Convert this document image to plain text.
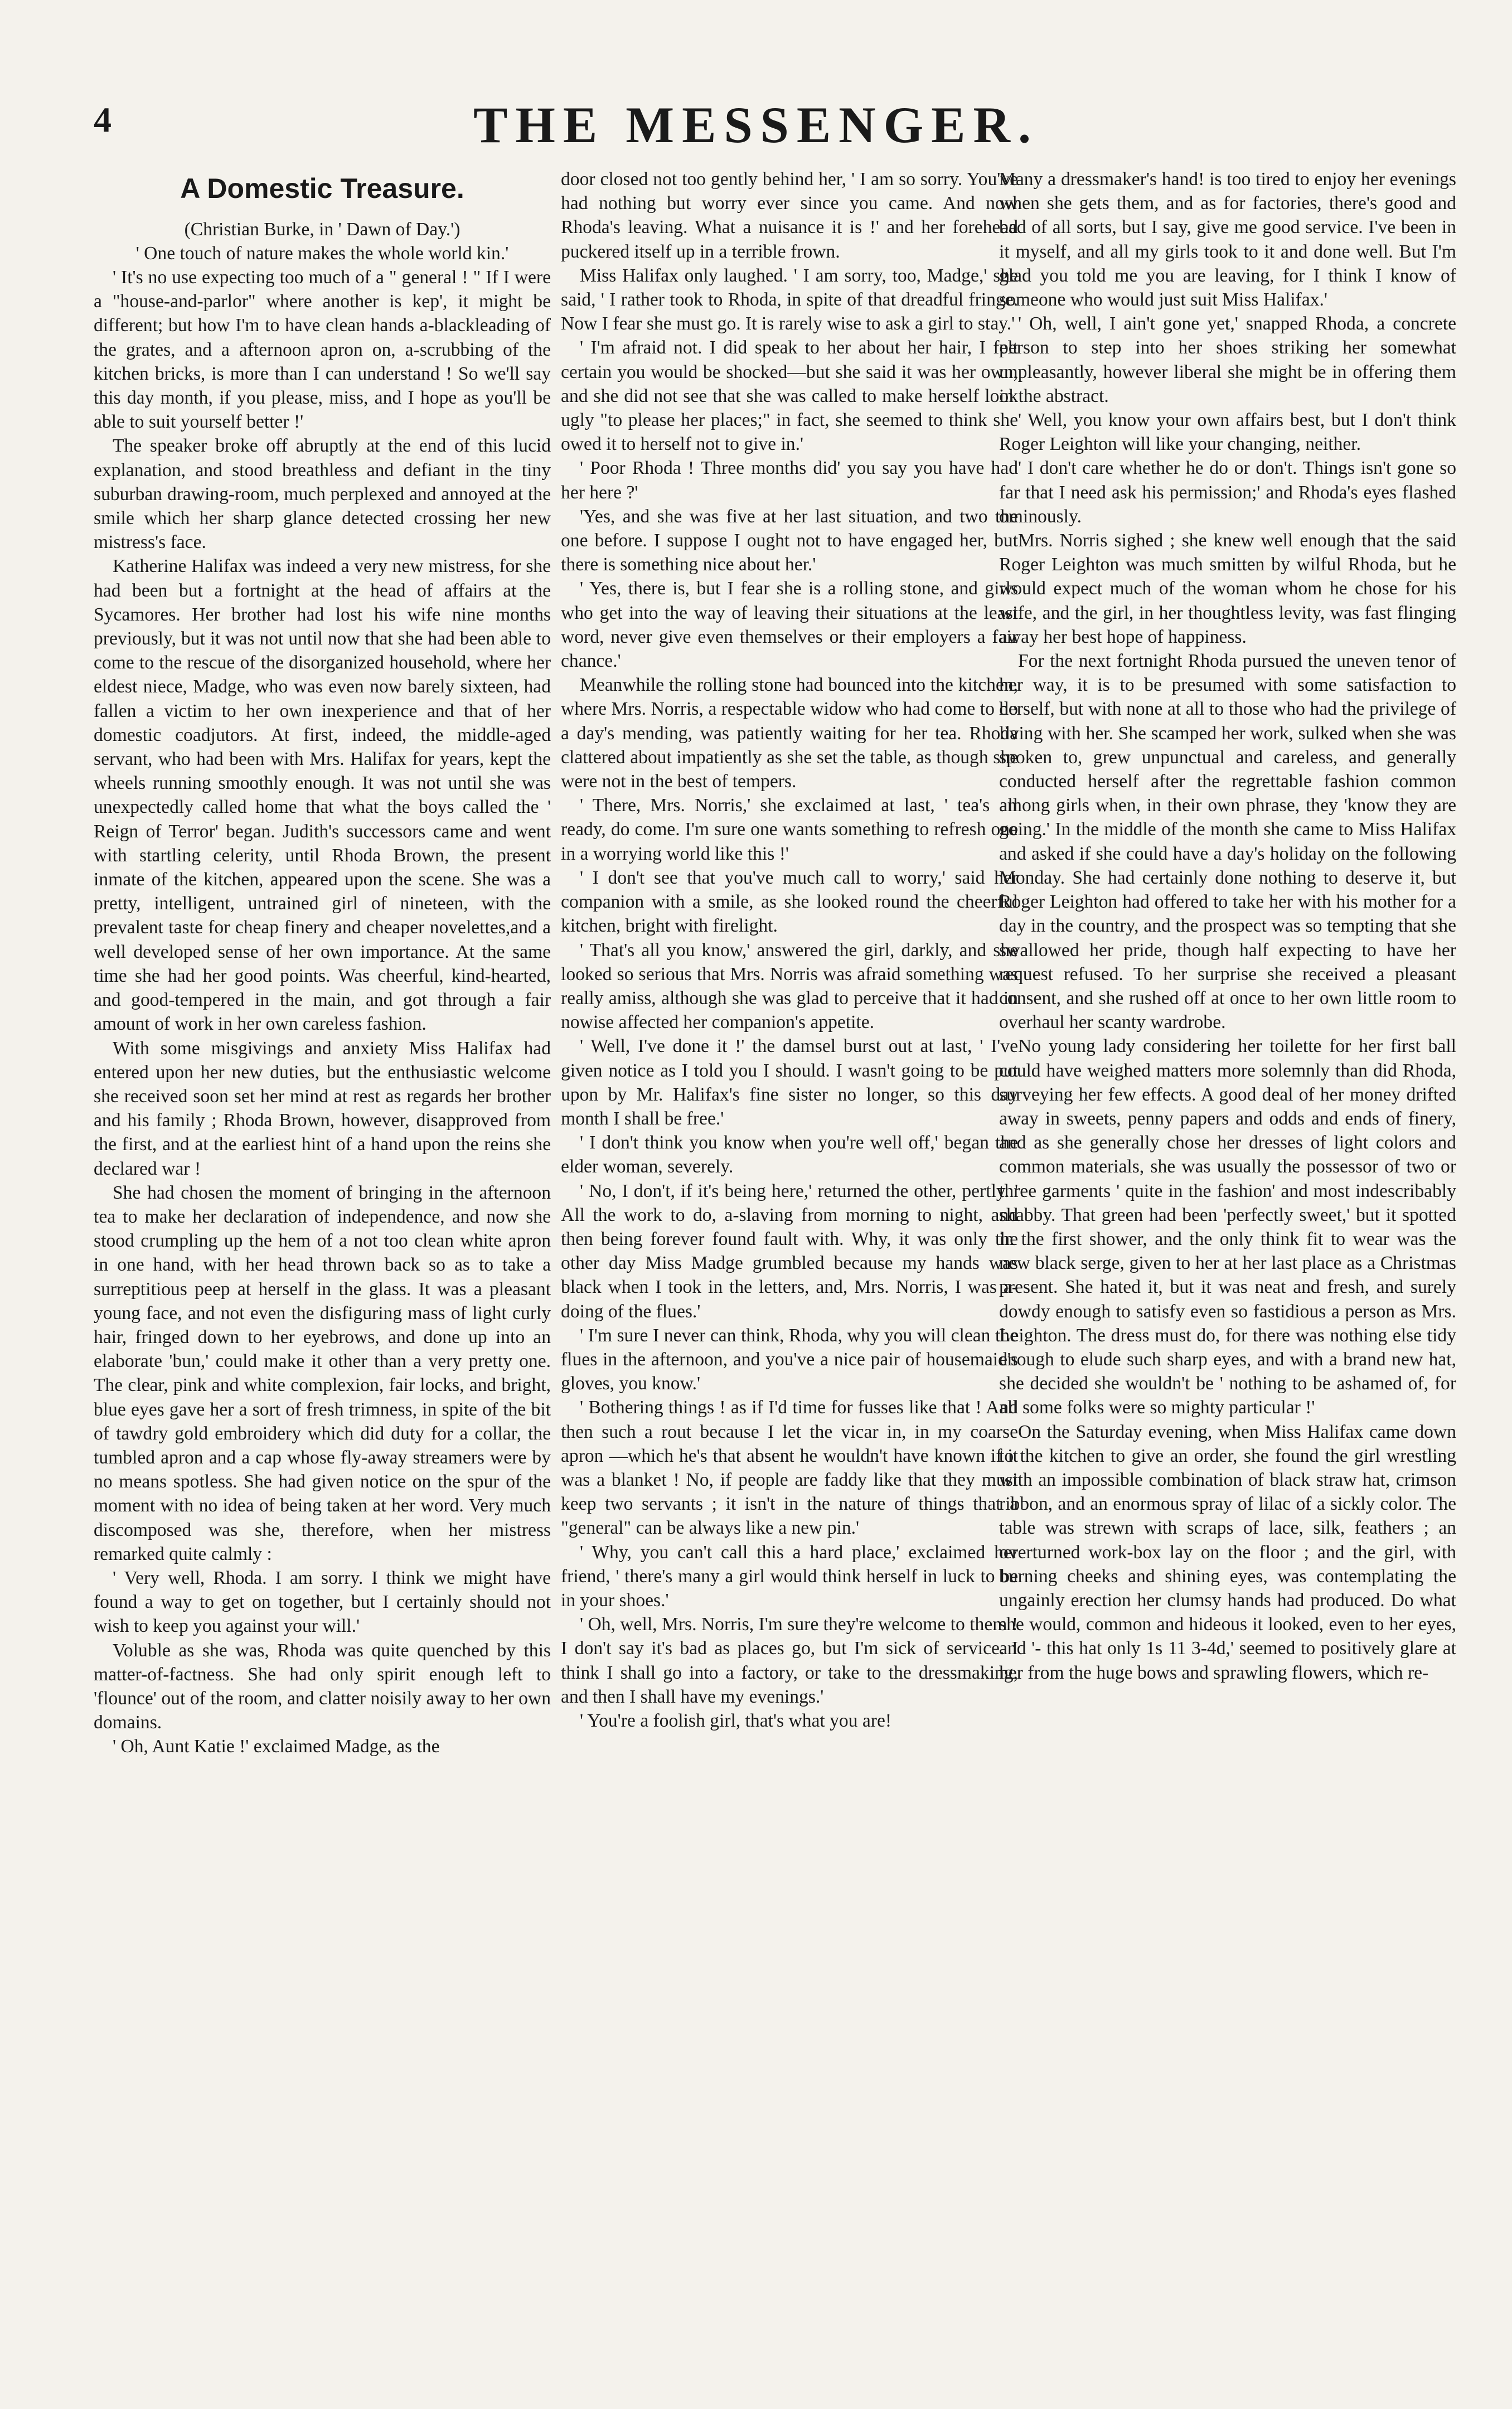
4	THE MESSENGER.
A Domestic Treasure.

(Christian Burke, in ' Dawn of Day.')

' One touch of nature makes the whole world kin.'

' It's no use expecting too much of a " general ! " If I were a "house-and-parlor" where another is kep', it might be different; but how I'm to have clean hands a-blackleading of the grates, and a afternoon apron on, a-scrubbing of the kitchen bricks, is more than I can understand ! So we'll say this day month, if you please, miss, and I hope as you'll be able to suit yourself better !'

The speaker broke off abruptly at the end of this lucid explanation, and stood breathless and defiant in the tiny suburban drawing-room, much perplexed and annoyed at the smile which her sharp glance detected crossing her new mistress's face.

Katherine Halifax was indeed a very new mistress, for she had been but a fortnight at the head of affairs at the Sycamores. Her brother had lost his wife nine months previously, but it was not until now that she had been able to come to the rescue of the disorganized household, where her eldest niece, Madge, who was even now barely sixteen, had fallen a victim to her own inexperience and that of her domestic coadjutors. At first, indeed, the middle-aged servant, who had been with Mrs. Halifax for years, kept the wheels running smoothly enough. It was not until she was unexpectedly called home that what the boys called the ' Reign of Terror' began. Judith's successors came and went with startling celerity, until Rhoda Brown, the present inmate of the kitchen, appeared upon the scene. She was a pretty, intelligent, untrained girl of nineteen, with the prevalent taste for cheap finery and cheaper novelettes,and a well developed sense of her own importance. At the same time she had her good points. Was cheerful, kind-hearted, and good-tempered in the main, and got through a fair amount of work in her own careless fashion.

With some misgivings and anxiety Miss Halifax had entered upon her new duties, but the enthusiastic welcome she received soon set her mind at rest as regards her brother and his family ; Rhoda Brown, however, disapproved from the first, and at the earliest hint of a hand upon the reins she declared war !

She had chosen the moment of bringing in the afternoon tea to make her declaration of independence, and now she stood crumpling up the hem of a not too clean white apron in one hand, with her head thrown back so as to take a surreptitious peep at herself in the glass. It was a pleasant young face, and not even the disfiguring mass of light curly hair, fringed down to her eyebrows, and done up into an elaborate 'bun,' could make it other than a very pretty one. The clear, pink and white complexion, fair locks, and bright, blue eyes gave her a sort of fresh trimness, in spite of the bit of tawdry gold embroidery which did duty for a collar, the tumbled apron and a cap whose fly-away streamers were by no means spotless. She had given notice on the spur of the moment with no idea of being taken at her word. Very much discomposed was she, therefore, when her mistress remarked quite calmly :

' Very well, Rhoda. I am sorry. I think we might have found a way to get on together, but I certainly should not wish to keep you against your will.'

Voluble as she was, Rhoda was quite quenched by this matter-of-factness. She had only spirit enough left to 'flounce' out of the room, and clatter noisily away to her own domains.

' Oh, Aunt Katie !' exclaimed Madge, as the

door closed not too gently behind her, ' I am so sorry. You've had nothing but worry ever since you came. And now Rhoda's leaving. What a nuisance it is !' and her forehead puckered itself up in a terrible frown.

Miss Halifax only laughed. ' I am sorry, too, Madge,' she said, ' I rather took to Rhoda, in spite of that dreadful fringe. Now I fear she must go. It is rarely wise to ask a girl to stay.'

' I'm afraid not. I did speak to her about her hair, I felt certain you would be shocked—but she said it was her own, and she did not see that she was called to make herself look ugly "to please her places;" in fact, she seemed to think she owed it to herself not to give in.'

' Poor Rhoda ! Three months did' you say you have had her here ?'

'Yes, and she was five at her last situation, and two the one before. I suppose I ought not to have engaged her, but there is something nice about her.'

' Yes, there is, but I fear she is a rolling stone, and girls who get into the way of leaving their situations at the least word, never give even themselves or their employers a fair chance.'

Meanwhile the rolling stone had bounced into the kitchen, where Mrs. Norris, a respectable widow who had come to do a day's mending, was patiently waiting for her tea. Rhoda clattered about impatiently as she set the table, as though she were not in the best of tempers.

' There, Mrs. Norris,' she exclaimed at last, ' tea's all ready, do come. I'm sure one wants something to refresh one in a worrying world like this !'

' I don't see that you've much call to worry,' said her companion with a smile, as she looked round the cheerful kitchen, bright with firelight.

' That's all you know,' answered the girl, darkly, and she looked so serious that Mrs. Norris was afraid something was really amiss, although she was glad to perceive that it had in nowise affected her companion's appetite.

' Well, I've done it !' the damsel burst out at last, ' I've given notice as I told you I should. I wasn't going to be put upon by Mr. Halifax's fine sister no longer, so this day month I shall be free.'

' I don't think you know when you're well off,' began the elder woman, severely.

' No, I don't, if it's being here,' returned the other, pertly. ' All the work to do, a-slaving from morning to night, and then being forever found fault with. Why, it was only the other day Miss Madge grumbled because my hands was black when I took in the letters, and, Mrs. Norris, I was a-doing of the flues.'

' I'm sure I never can think, Rhoda, why you will clean the flues in the afternoon, and you've a nice pair of housemaid's gloves, you know.'

' Bothering things ! as if I'd time for fusses like that ! And then such a rout because I let the vicar in, in my coarse apron —which he's that absent he wouldn't have known if it was a blanket ! No, if people are faddy like that they must keep two servants ; it isn't in the nature of things that a "general" can be always like a new pin.'

' Why, you can't call this a hard place,' exclaimed her friend, ' there's many a girl would think herself in luck to be in your shoes.'

' Oh, well, Mrs. Norris, I'm sure they're welcome to them ! I don't say it's bad as places go, but I'm sick of service. I think I shall go into a factory, or take to the dressmaking, and then I shall have my evenings.'

' You're a foolish girl, that's what you are!

Many a dressmaker's hand! is too tired to enjoy her evenings when she gets them, and as for factories, there's good and bad of all sorts, but I say, give me good service. I've been in it myself, and all my girls took to it and done well. But I'm glad you told me you are leaving, for I think I know of someone who would just suit Miss Halifax.'

' Oh, well, I ain't gone yet,' snapped Rhoda, a concrete person to step into her shoes striking her somewhat unpleasantly, however liberal she might be in offering them in the abstract.

' Well, you know your own affairs best, but I don't think Roger Leighton will like your changing, neither.

' I don't care whether he do or don't. Things isn't gone so far that I need ask his permission;' and Rhoda's eyes flashed ominously.

Mrs. Norris sighed ; she knew well enough that the said Roger Leighton was much smitten by wilful Rhoda, but he would expect much of the woman whom he chose for his wife, and the girl, in her thoughtless levity, was fast flinging away her best hope of happiness.

For the next fortnight Rhoda pursued the uneven tenor of her way, it is to be presumed with some satisfaction to herself, but with none at all to those who had the privilege of living with her. She scamped her work, sulked when she was spoken to, grew unpunctual and careless, and generally conducted herself after the regrettable fashion common among girls when, in their own phrase, they 'know they are going.' In the middle of the month she came to Miss Halifax and asked if she could have a day's holiday on the following Monday. She had certainly done nothing to deserve it, but Roger Leighton had offered to take her with his mother for a day in the country, and the prospect was so tempting that she swallowed her pride, though half expecting to have her request refused. To her surprise she received a pleasant consent, and she rushed off at once to her own little room to overhaul her scanty wardrobe.

No young lady considering her toilette for her first ball could have weighed matters more solemnly than did Rhoda, surveying her few effects. A good deal of her money drifted away in sweets, penny papers and odds and ends of finery, and as she generally chose her dresses of light colors and common materials, she was usually the possessor of two or three garments ' quite in the fashion' and most indescribably shabby. That green had been 'perfectly sweet,' but it spotted in the first shower, and the only think fit to wear was the new black serge, given to her at her last place as a Christmas present. She hated it, but it was neat and fresh, and surely dowdy enough to satisfy even so fastidious a person as Mrs. Leighton. The dress must do, for there was nothing else tidy enough to elude such sharp eyes, and with a brand new hat, she decided she wouldn't be ' nothing to be ashamed of, for all some folks were so mighty particular !'

On the Saturday evening, when Miss Halifax came down to the kitchen to give an order, she found the girl wrestling with an impossible combination of black straw hat, crimson ribbon, and an enormous spray of lilac of a sickly color. The table was strewn with scraps of lace, silk, feathers ; an overturned work-box lay on the floor ; and the girl, with burning cheeks and shining eyes, was contemplating the ungainly erection her clumsy hands had produced. Do what she would, common and hideous it looked, even to her eyes, and '- this hat only 1s 11 3-4d,' seemed to positively glare at her from the huge bows and sprawling flowers, which re-
